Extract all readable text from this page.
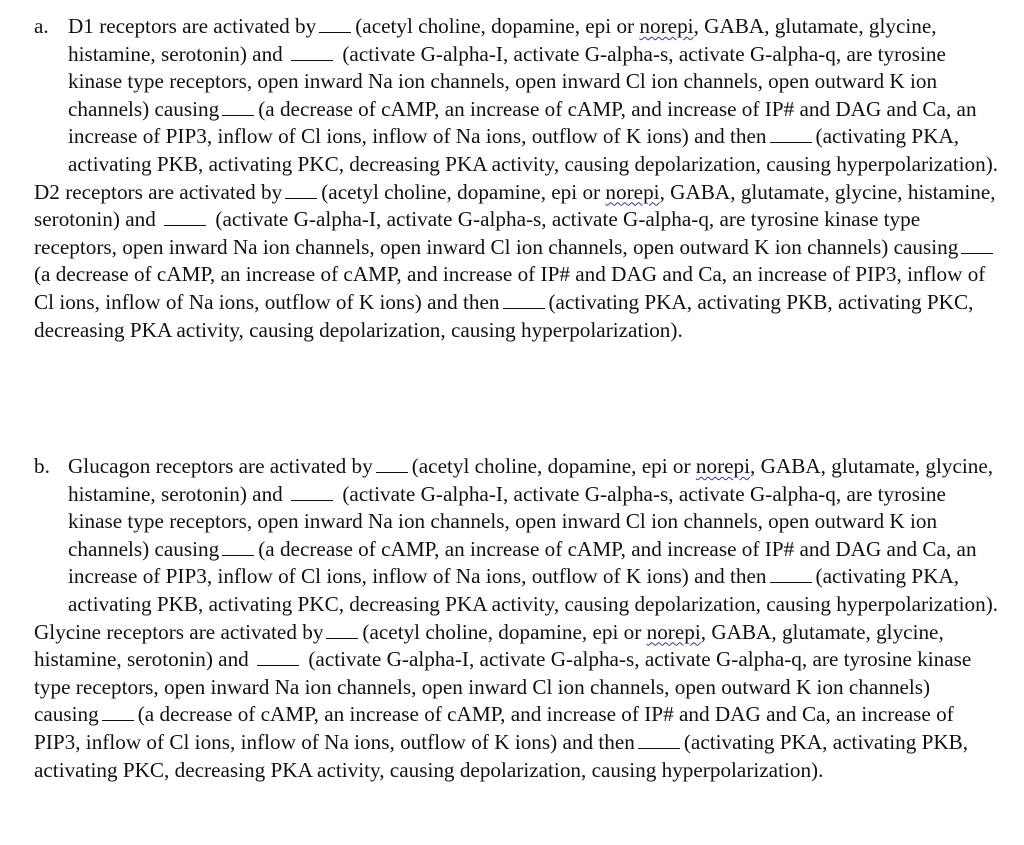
a. D1 receptors are activated by (acetyl choline, dopamine, epi or norepi, GABA, glutamate, glycine, histamine, serotonin) and	(activate G-alpha-I, activate G-alpha-s, activate G-alpha-q, are tyrosine kinase type receptors, open inward Na ion channels, open inward Cl ion channels, open outward K ion channels) causing (a decrease of cAMP, an increase of cAMP, and increase of IP# and DAG and Ca, an increase of PIP3, inflow of Cl ions, inflow of Na ions, outflow of K ions) and then (activating PKA, activating PKB, activating PKC, decreasing PKA activity, causing depolarization, causing hyperpolarization).

D2 receptors are activated by (acetyl choline, dopamine, epi or norepi, GABA, glutamate, glycine, histamine, serotonin) and	(activate G-alpha-I, activate G-alpha-s, activate G-alpha-q, are tyrosine kinase type receptors, open inward Na ion channels, open inward Cl ion channels, open outward K ion channels) causing(a decrease of cAMP, an increase of cAMP, and increase of IP# and DAG and Ca, an increase of PIP3, inflow of Cl ions, inflow of Na ions, outflow of K ions) and then (activating PKA, activating PKB, activating PKC, decreasing PKA activity, causing depolarization, causing hyperpolarization).

b. Glucagon receptors are activated by (acetyl choline, dopamine, epi or norepi, GABA, glutamate, glycine, histamine, serotonin) and	(activate G-alpha-I, activate G-alpha-s, activate G-alpha-q, are tyrosine kinase type receptors, open inward Na ion channels, open inward Cl ion channels, open outward K ion channels) causing (a decrease of cAMP, an increase of cAMP, and increase of IP# and DAG and Ca, an increase of PIP3, inflow of Cl ions, inflow of Na ions, outflow of K ions) and then (activating PKA, activating PKB, activating PKC, decreasing PKA activity, causing depolarization, causing hyperpolarization).

Glycine receptors are activated by (acetyl choline, dopamine, epi or norepi, GABA, glutamate, glycine, histamine, serotonin) and	(activate G-alpha-I, activate G-alpha-s, activate G-alpha-q, are tyrosine kinase type receptors, open inward Na ion channels, open inward Cl ion channels, open outward K ion channels) causing (a decrease of cAMP, an increase of cAMP, and increase of IP# and DAG and Ca, an increase of PIP3, inflow of Cl ions, inflow of Na ions, outflow of K ions) and then (activating PKA, activating PKB, activating PKC, decreasing PKA activity, causing depolarization, causing hyperpolarization).
